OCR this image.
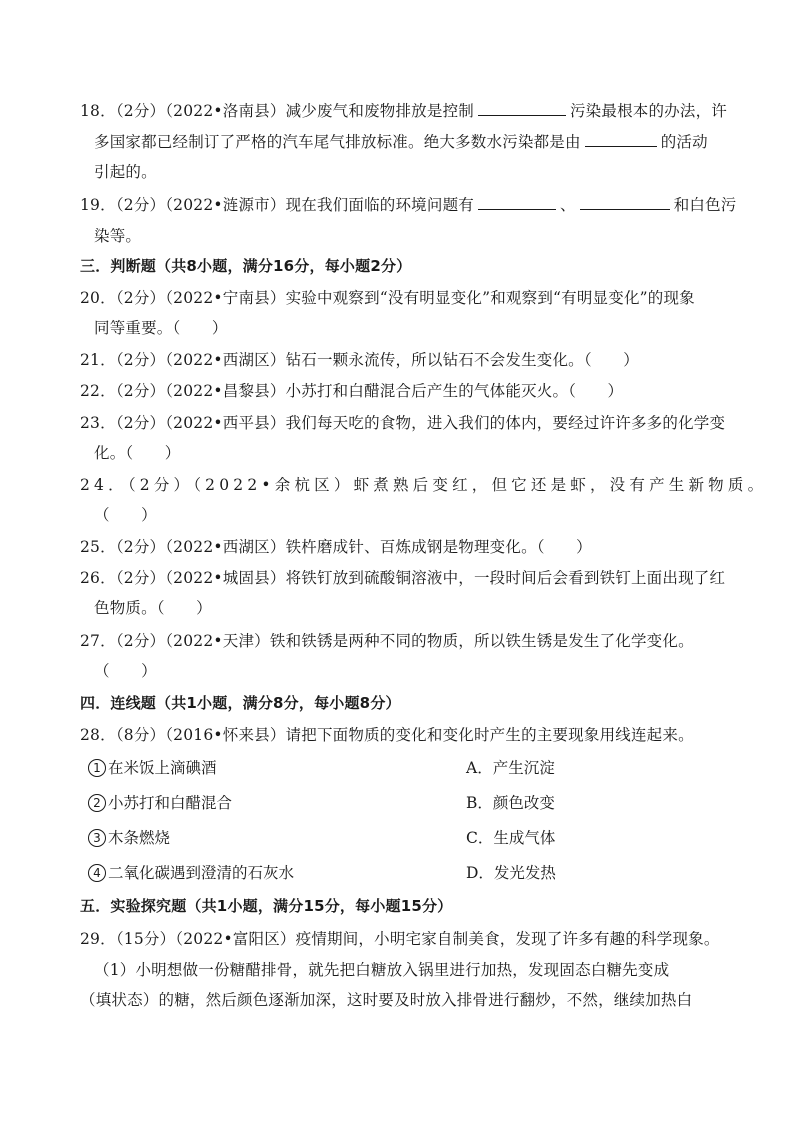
18．（2分）（2022•洛南县）减少废气和废物排放是控制	污染最根本的办法，许
多国家都已经制订了严格的汽车尾气排放标准。绝大多数水污染都是由	的活动
引起的。
19．（2分）（2022•涟源市）现在我们面临的环境问题有	、	和白色污
染等。
三．判断题（共8小题，满分16分，每小题2分）
20．（2分）（2022•宁南县）实验中观察到“没有明显变化”和观察到“有明显变化”的现象
同等重要。（　　）
21．（2分）（2022•西湖区）钻石一颗永流传，所以钻石不会发生变化。（　　）
22．（2分）（2022•昌黎县）小苏打和白醋混合后产生的气体能灭火。（　　）
23．（2分）（2022•西平县）我们每天吃的食物，进入我们的体内，要经过许许多多的化学变
化。（　　）
24．（2分）（2022•余杭区）虾煮熟后变红，但它还是虾，没有产生新物质。
（　　）
25．（2分）（2022•西湖区）铁杵磨成针、百炼成钢是物理变化。（　　）
26．（2分）（2022•城固县）将铁钉放到硫酸铜溶液中，一段时间后会看到铁钉上面出现了红
色物质。（　　）
27．（2分）（2022•天津）铁和铁锈是两种不同的物质，所以铁生锈是发生了化学变化。
（　　）
四．连线题（共1小题，满分8分，每小题8分）
28．（8分）（2016•怀来县）请把下面物质的变化和变化时产生的主要现象用线连起来。
1 在米饭上滴碘酒	A．产生沉淀
2 小苏打和白醋混合	B．颜色改变
3 木条燃烧	C．生成气体
4 二氧化碳遇到澄清的石灰水	D．发光发热
五．实验探究题（共1小题，满分15分，每小题15分）
29．（15分）（2022•富阳区）疫情期间，小明宅家自制美食，发现了许多有趣的科学现象。
（1）小明想做一份糖醋排骨，就先把白糖放入锅里进行加热，发现固态白糖先变成
（填状态）的糖，然后颜色逐渐加深，这时要及时放入排骨进行翻炒，不然，继续加热白
